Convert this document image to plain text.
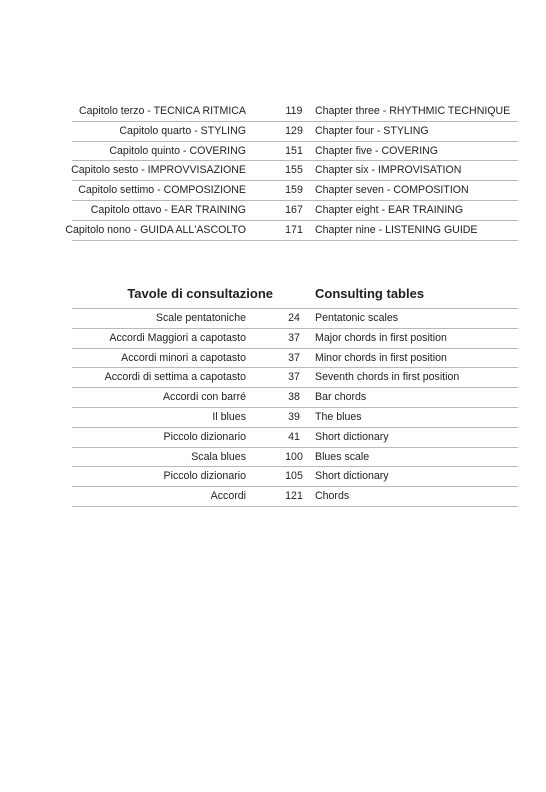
Capitolo terzo - TECNICA RITMICA	119	Chapter three - RHYTHMIC TECHNIQUE
Capitolo quarto - STYLING	129	Chapter four - STYLING
Capitolo quinto - COVERING	151	Chapter five - COVERING
Capitolo sesto - IMPROVVISAZIONE	155	Chapter six - IMPROVISATION
Capitolo settimo - COMPOSIZIONE	159	Chapter seven - COMPOSITION
Capitolo ottavo - EAR TRAINING	167	Chapter eight - EAR TRAINING
Capitolo nono - GUIDA ALL'ASCOLTO	171	Chapter nine - LISTENING GUIDE
Tavole di consultazione	Consulting tables
Scale pentatoniche	24	Pentatonic scales
Accordi Maggiori a capotasto	37	Major chords in first position
Accordi minori a capotasto	37	Minor chords in first position
Accordi di settima a capotasto	37	Seventh chords in first position
Accordi con barré	38	Bar chords
Il blues	39	The blues
Piccolo dizionario	41	Short dictionary
Scala blues	100	Blues scale
Piccolo dizionario	105	Short dictionary
Accordi	121	Chords
